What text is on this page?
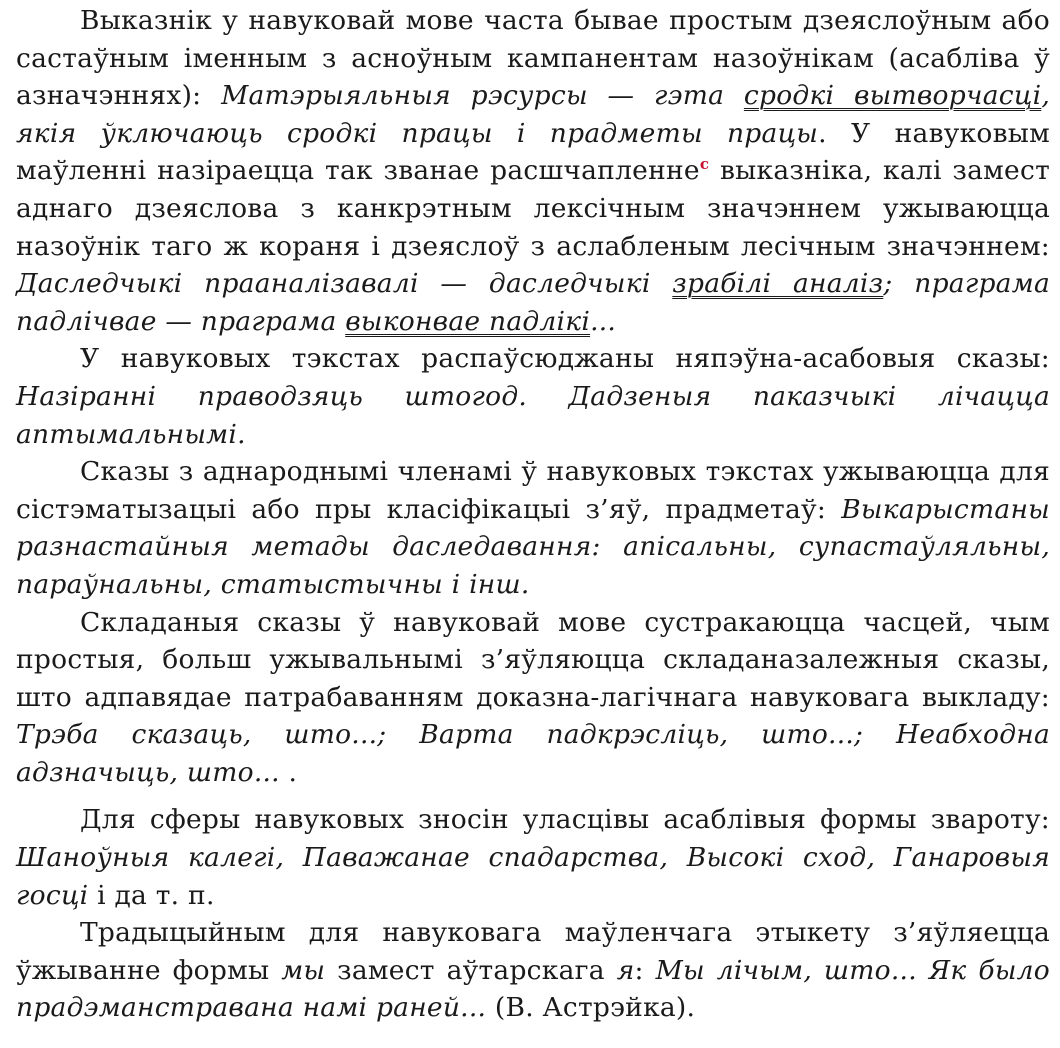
Выказнік у навуковай мове часта бывае простым дзеяслоўным або састаўным іменным з асноўным кампанентам назоўнікам (асабліва ў азначэннях): Матэрыяльныя рэсурсы — гэта сродкі вытворчасці, якія ўключаюць сродкі працы і прадметы працы. У навуковым маўленні назіраецца так званае расшчапленне$^с$ выказніка, калі замест аднаго дзеяслова з канкрэтным лексічным значэннем ужываюцца назоўнік таго ж кораня і дзеяслоў з аслабленым лесічным значэннем: Даследчыкі прааналізавалі — даследчыкі зрабілі аналіз; праграма падлічвае — праграма выконвае падлікі...

У навуковых тэкстах распаўсюджаны няпэўна-асабовыя сказы: Назіранні праводзяць штогод. Дадзеныя паказчыкі лічацца аптымальнымі.

Сказы з аднароднымі членамі ў навуковых тэкстах ужываюцца для сістэматызацыі або пры класіфікацыі з’яў, прадметаў: Выкарыстаны разнастайныя метады даследавання: апісальны, супастаўляльны, параўнальны, статыстычны і інш.

Складаныя сказы ў навуковай мове сустракаюцца часцей, чым простыя, больш ужывальнымі з’яўляюцца складаназалежныя сказы, што адпавядае патрабаванням доказна-лагічнага навуковага выкладу: Трэба сказаць, што...; Варта падкрэсліць, што...; Неабходна адзначыць, што... .

Для сферы навуковых зносін уласцівы асаблівыя формы звароту: Шаноўныя калегі, Паважанае спадарства, Высокі сход, Ганаровыя госці і да т. п.

Традыцыйным для навуковага маўленчага этыкету з’яўляецца ўжыванне формы мы замест аўтарскага я: Мы лічым, што... Як было прадэманстравана намі раней... (В. Астрэйка).
